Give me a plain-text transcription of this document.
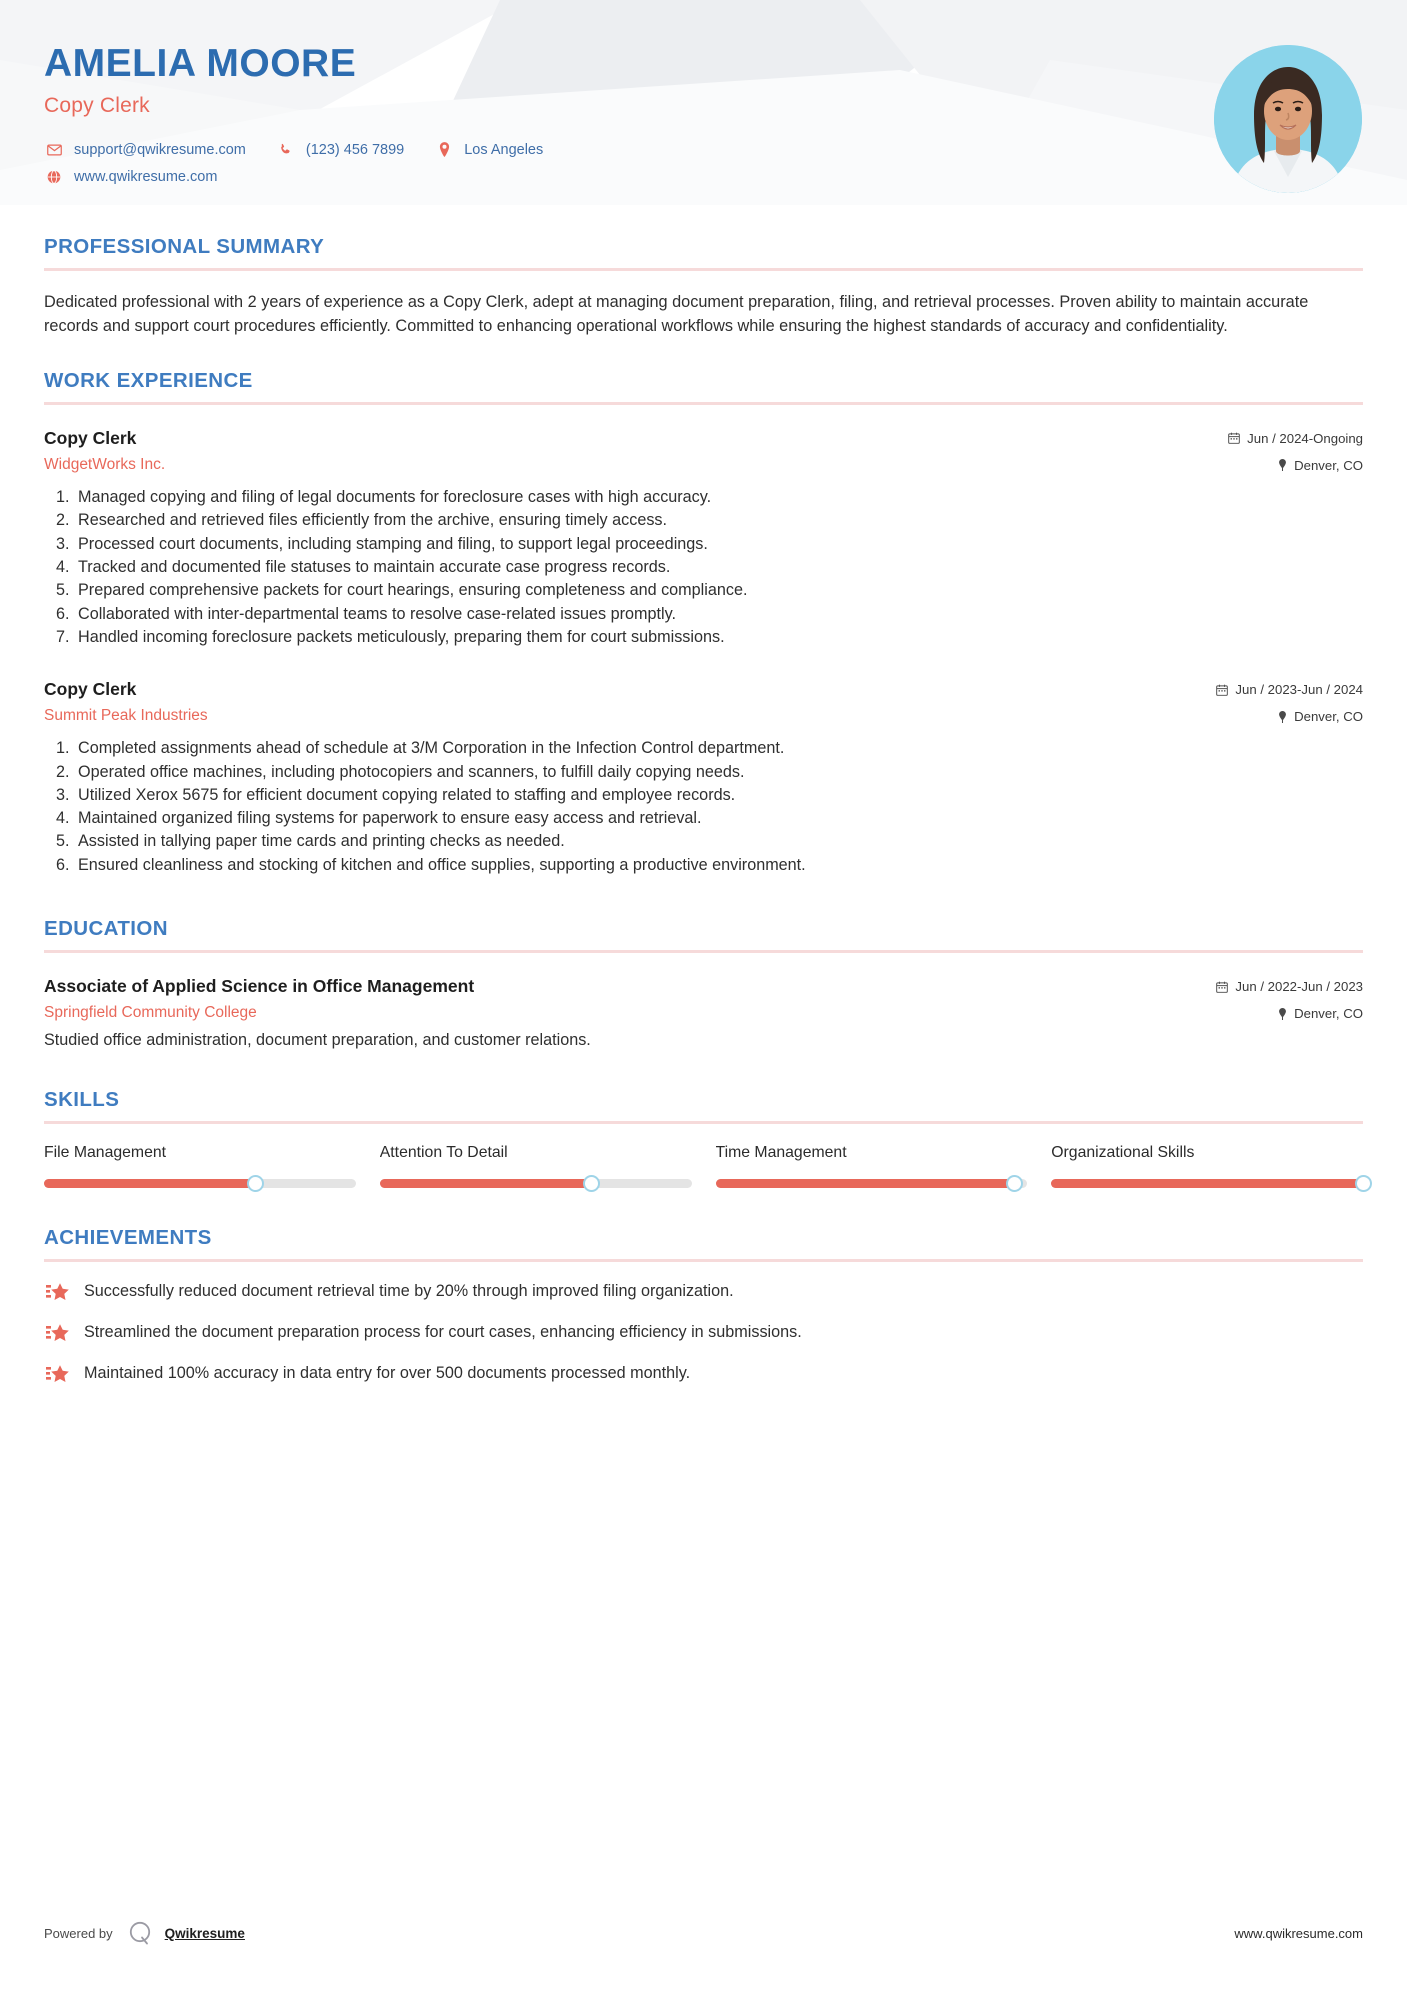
AMELIA MOORE
Copy Clerk
support@qwikresume.com	(123) 456 7899	Los Angeles
www.qwikresume.com
PROFESSIONAL SUMMARY
Dedicated professional with 2 years of experience as a Copy Clerk, adept at managing document preparation, filing, and retrieval processes. Proven ability to maintain accurate records and support court procedures efficiently. Committed to enhancing operational workflows while ensuring the highest standards of accuracy and confidentiality.
WORK EXPERIENCE
Copy Clerk
WidgetWorks Inc.
Jun / 2024-Ongoing
Denver, CO
1. Managed copying and filing of legal documents for foreclosure cases with high accuracy.
2. Researched and retrieved files efficiently from the archive, ensuring timely access.
3. Processed court documents, including stamping and filing, to support legal proceedings.
4. Tracked and documented file statuses to maintain accurate case progress records.
5. Prepared comprehensive packets for court hearings, ensuring completeness and compliance.
6. Collaborated with inter-departmental teams to resolve case-related issues promptly.
7. Handled incoming foreclosure packets meticulously, preparing them for court submissions.
Copy Clerk
Summit Peak Industries
Jun / 2023-Jun / 2024
Denver, CO
1. Completed assignments ahead of schedule at 3/M Corporation in the Infection Control department.
2. Operated office machines, including photocopiers and scanners, to fulfill daily copying needs.
3. Utilized Xerox 5675 for efficient document copying related to staffing and employee records.
4. Maintained organized filing systems for paperwork to ensure easy access and retrieval.
5. Assisted in tallying paper time cards and printing checks as needed.
6. Ensured cleanliness and stocking of kitchen and office supplies, supporting a productive environment.
EDUCATION
Associate of Applied Science in Office Management
Springfield Community College
Jun / 2022-Jun / 2023
Denver, CO
Studied office administration, document preparation, and customer relations.
SKILLS
File Management	Attention To Detail	Time Management	Organizational Skills
ACHIEVEMENTS
Successfully reduced document retrieval time by 20% through improved filing organization.
Streamlined the document preparation process for court cases, enhancing efficiency in submissions.
Maintained 100% accuracy in data entry for over 500 documents processed monthly.
Powered by	Qwikresume	www.qwikresume.com
